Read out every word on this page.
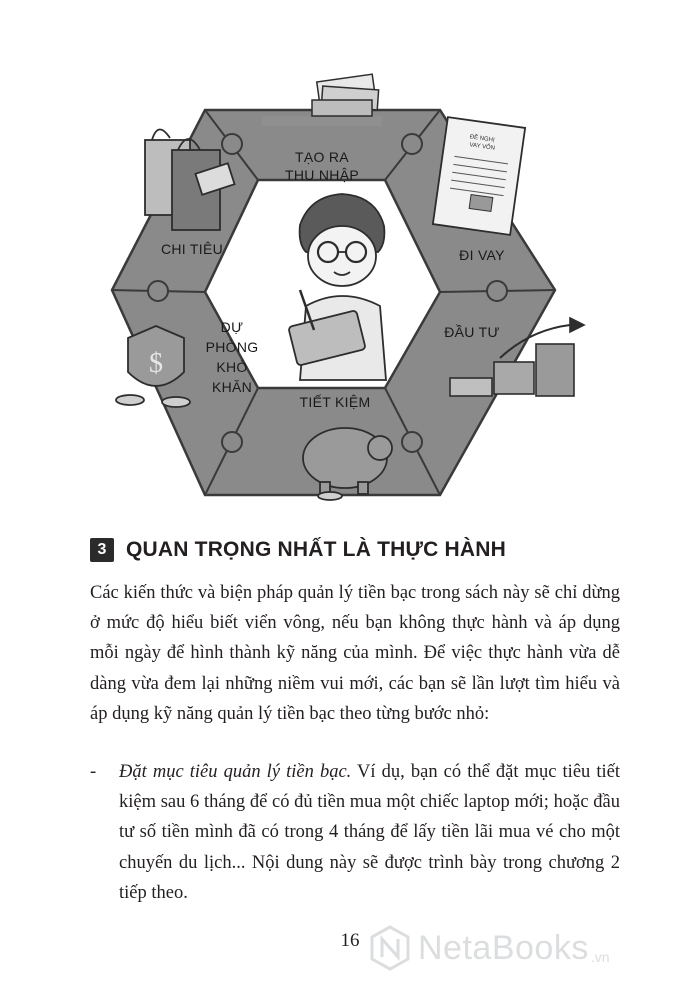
TẠO RA
THU NHẬP
ĐI VAY
ĐẦU TƯ
TIẾT KIỆM
DỰ
PHÒNG
KHÓ
KHĂN
CHI TIÊU
ĐỀ NGHỊ
VAY VỐN
$
3 QUAN TRỌNG NHẤT LÀ THỰC HÀNH

Các kiến thức và biện pháp quản lý tiền bạc trong sách này sẽ chỉ dừng ở mức độ hiểu biết viển vông, nếu bạn không thực hành và áp dụng mỗi ngày để hình thành kỹ năng của mình. Để việc thực hành vừa dễ dàng vừa đem lại những niềm vui mới, các bạn sẽ lần lượt tìm hiểu và áp dụng kỹ năng quản lý tiền bạc theo từng bước nhỏ:

- Đặt mục tiêu quản lý tiền bạc. Ví dụ, bạn có thể đặt mục tiêu tiết kiệm sau 6 tháng để có đủ tiền mua một chiếc laptop mới; hoặc đầu tư số tiền mình đã có trong 4 tháng để lấy tiền lãi mua vé cho một chuyến du lịch... Nội dung này sẽ được trình bày trong chương 2 tiếp theo.
16	NetaBooks .vn
